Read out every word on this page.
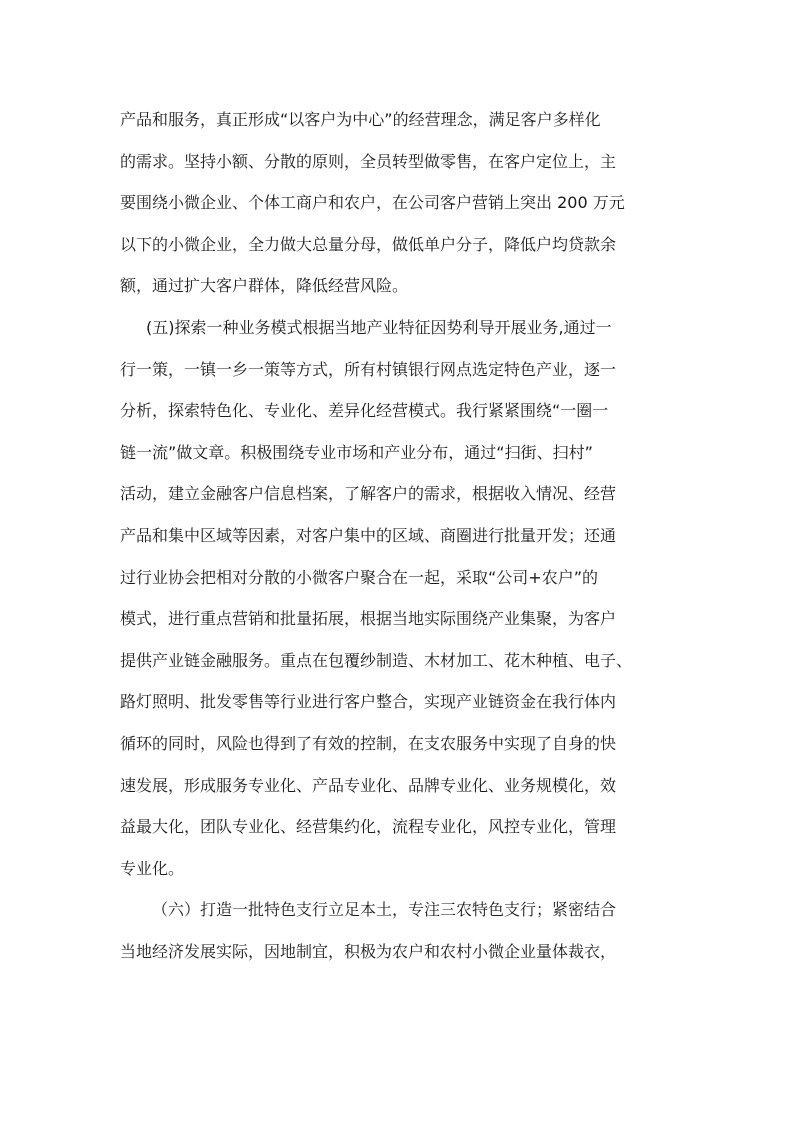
产品和服务，真正形成“以客户为中心”的经营理念，满足客户多样化
的需求。坚持小额、分散的原则，全员转型做零售，在客户定位上，主
要围绕小微企业、个体工商户和农户，在公司客户营销上突出 200 万元
以下的小微企业，全力做大总量分母，做低单户分子，降低户均贷款余
额，通过扩大客户群体，降低经营风险。
(五)探索一种业务模式根据当地产业特征因势利导开展业务,通过一
行一策，一镇一乡一策等方式，所有村镇银行网点选定特色产业，逐一
分析，探索特色化、专业化、差异化经营模式。我行紧紧围绕“一圈一
链一流”做文章。积极围绕专业市场和产业分布，通过“扫街、扫村”
活动，建立金融客户信息档案，了解客户的需求，根据收入情况、经营
产品和集中区域等因素，对客户集中的区域、商圈进行批量开发；还通
过行业协会把相对分散的小微客户聚合在一起，采取“公司+农户”的
模式，进行重点营销和批量拓展，根据当地实际围绕产业集聚，为客户
提供产业链金融服务。重点在包覆纱制造、木材加工、花木种植、电子、
路灯照明、批发零售等行业进行客户整合，实现产业链资金在我行体内
循环的同时，风险也得到了有效的控制，在支农服务中实现了自身的快
速发展，形成服务专业化、产品专业化、品牌专业化、业务规模化，效
益最大化，团队专业化、经营集约化，流程专业化，风控专业化，管理
专业化。
（六）打造一批特色支行立足本土，专注三农特色支行；紧密结合
当地经济发展实际，因地制宜，积极为农户和农村小微企业量体裁衣，
